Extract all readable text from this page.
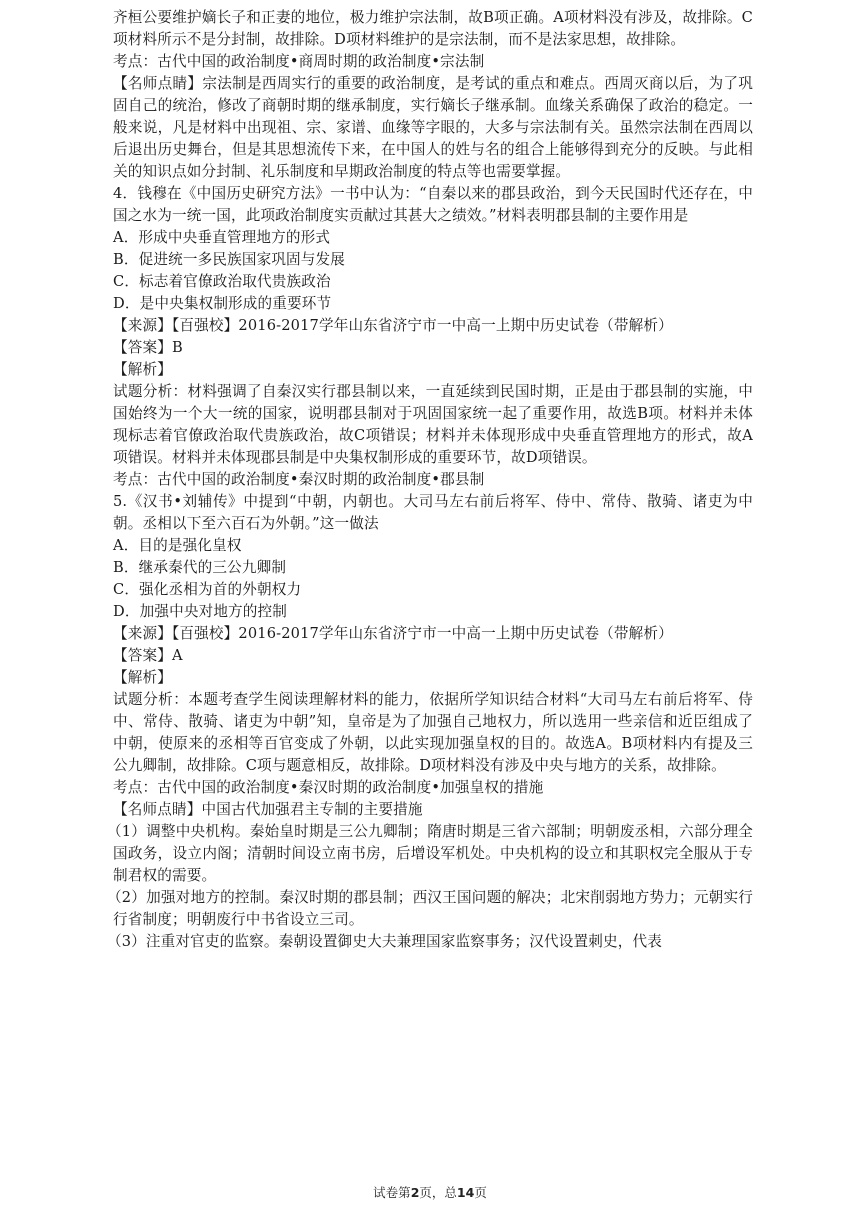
齐桓公要维护嫡长子和正妻的地位，极力维护宗法制，故B项正确。A项材料没有涉及，故排除。C项材料所示不是分封制，故排除。D项材料维护的是宗法制，而不是法家思想，故排除。

考点：古代中国的政治制度•商周时期的政治制度•宗法制

【名师点睛】宗法制是西周实行的重要的政治制度，是考试的重点和难点。西周灭商以后，为了巩固自己的统治，修改了商朝时期的继承制度，实行嫡长子继承制。血缘关系确保了政治的稳定。一般来说，凡是材料中出现祖、宗、家谱、血缘等字眼的，大多与宗法制有关。虽然宗法制在西周以后退出历史舞台，但是其思想流传下来，在中国人的姓与名的组合上能够得到充分的反映。与此相关的知识点如分封制、礼乐制度和早期政治制度的特点等也需要掌握。

4．钱穆在《中国历史研究方法》一书中认为：“自秦以来的郡县政治，到今天民国时代还存在，中国之水为一统一国，此项政治制度实贡献过其甚大之绩效。”材料表明郡县制的主要作用是

A．形成中央垂直管理地方的形式

B．促进统一多民族国家巩固与发展

C．标志着官僚政治取代贵族政治

D．是中央集权制形成的重要环节

【来源】【百强校】2016-2017学年山东省济宁市一中高一上期中历史试卷（带解析）

【答案】B

【解析】

试题分析：材料强调了自秦汉实行郡县制以来，一直延续到民国时期，正是由于郡县制的实施，中国始终为一个大一统的国家，说明郡县制对于巩固国家统一起了重要作用，故选B项。材料并未体现标志着官僚政治取代贵族政治，故C项错误；材料并未体现形成中央垂直管理地方的形式，故A项错误。材料并未体现郡县制是中央集权制形成的重要环节，故D项错误。

考点：古代中国的政治制度•秦汉时期的政治制度•郡县制

5.《汉书•刘辅传》中提到“中朝，内朝也。大司马左右前后将军、侍中、常侍、散骑、诸吏为中朝。丞相以下至六百石为外朝。”这一做法

A．目的是强化皇权

B．继承秦代的三公九卿制

C．强化丞相为首的外朝权力

D．加强中央对地方的控制

【来源】【百强校】2016-2017学年山东省济宁市一中高一上期中历史试卷（带解析）

【答案】A

【解析】

试题分析：本题考查学生阅读理解材料的能力，依据所学知识结合材料“大司马左右前后将军、侍中、常侍、散骑、诸吏为中朝”知，皇帝是为了加强自己地权力，所以选用一些亲信和近臣组成了中朝，使原来的丞相等百官变成了外朝，以此实现加强皇权的目的。故选A。B项材料内有提及三公九卿制，故排除。C项与题意相反，故排除。D项材料没有涉及中央与地方的关系，故排除。

考点：古代中国的政治制度•秦汉时期的政治制度•加强皇权的措施

【名师点睛】中国古代加强君主专制的主要措施

（1）调整中央机构。秦始皇时期是三公九卿制；隋唐时期是三省六部制；明朝废丞相，六部分理全国政务，设立内阁；清朝时间设立南书房，后增设军机处。中央机构的设立和其职权完全服从于专制君权的需要。

（2）加强对地方的控制。秦汉时期的郡县制；西汉王国问题的解决；北宋削弱地方势力；元朝实行行省制度；明朝废行中书省设立三司。

（3）注重对官吏的监察。秦朝设置御史大夫兼理国家监察事务；汉代设置刺史，代表

试卷第2页，总14页
